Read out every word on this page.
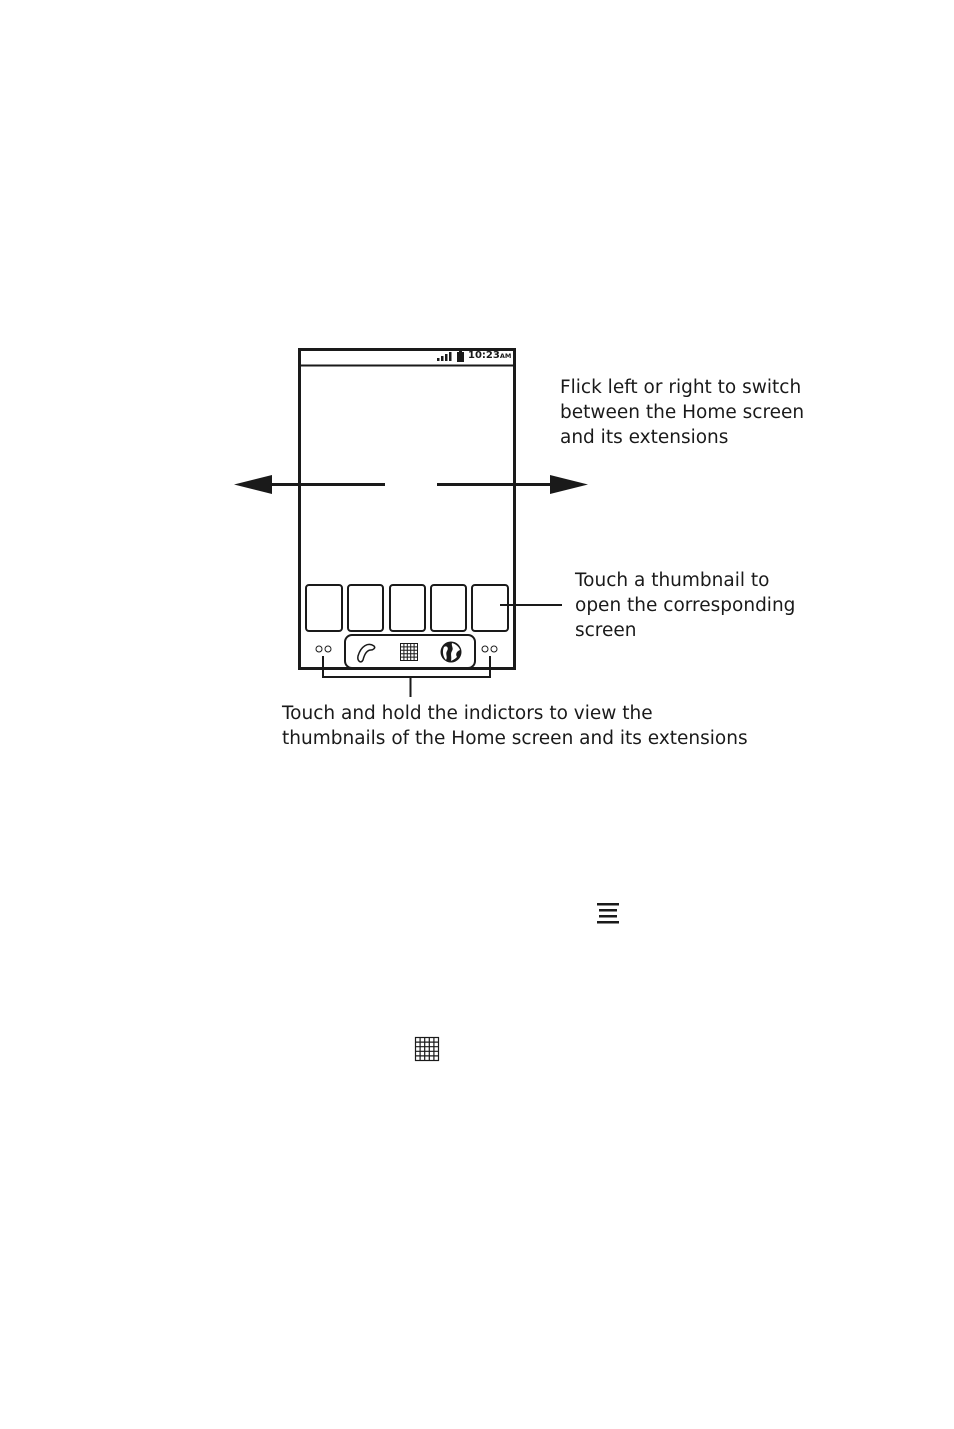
10:23AM
Flick left or right to switch
between the Home screen
and its extensions
Touch a thumbnail to
open the corresponding
screen
Touch and hold the indictors to view the
thumbnails of the Home screen and its extensions
